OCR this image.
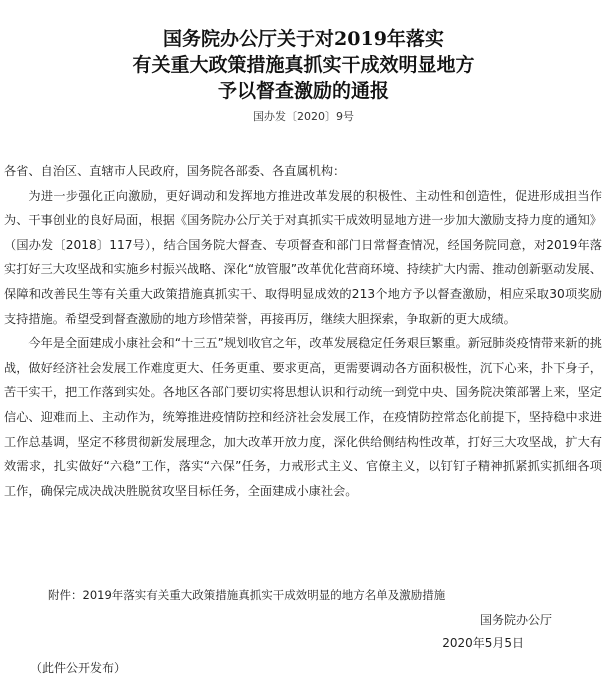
国务院办公厅关于对2019年落实
有关重大政策措施真抓实干成效明显地方
予以督查激励的通报
国办发〔2020〕9号

各省、自治区、直辖市人民政府，国务院各部委、各直属机构：

为进一步强化正向激励，更好调动和发挥地方推进改革发展的积极性、主动性和创造性，促进形成担当作为、干事创业的良好局面，根据《国务院办公厅关于对真抓实干成效明显地方进一步加大激励支持力度的通知》（国办发〔2018〕117号），结合国务院大督查、专项督查和部门日常督查情况，经国务院同意，对2019年落实打好三大攻坚战和实施乡村振兴战略、深化“放管服”改革优化营商环境、持续扩大内需、推动创新驱动发展、保障和改善民生等有关重大政策措施真抓实干、取得明显成效的213个地方予以督查激励，相应采取30项奖励支持措施。希望受到督查激励的地方珍惜荣誉，再接再厉，继续大胆探索，争取新的更大成绩。

今年是全面建成小康社会和“十三五”规划收官之年，改革发展稳定任务艰巨繁重。新冠肺炎疫情带来新的挑战，做好经济社会发展工作难度更大、任务更重、要求更高，更需要调动各方面积极性，沉下心来，扑下身子，苦干实干，把工作落到实处。各地区各部门要切实将思想认识和行动统一到党中央、国务院决策部署上来，坚定信心、迎难而上、主动作为，统筹推进疫情防控和经济社会发展工作，在疫情防控常态化前提下，坚持稳中求进工作总基调，坚定不移贯彻新发展理念，加大改革开放力度，深化供给侧结构性改革，打好三大攻坚战，扩大有效需求，扎实做好“六稳”工作，落实“六保”任务，力戒形式主义、官僚主义，以钉钉子精神抓紧抓实抓细各项工作，确保完成决战决胜脱贫攻坚目标任务，全面建成小康社会。

附件：2019年落实有关重大政策措施真抓实干成效明显的地方名单及激励措施
国务院办公厅
2020年5月5日
（此件公开发布）
